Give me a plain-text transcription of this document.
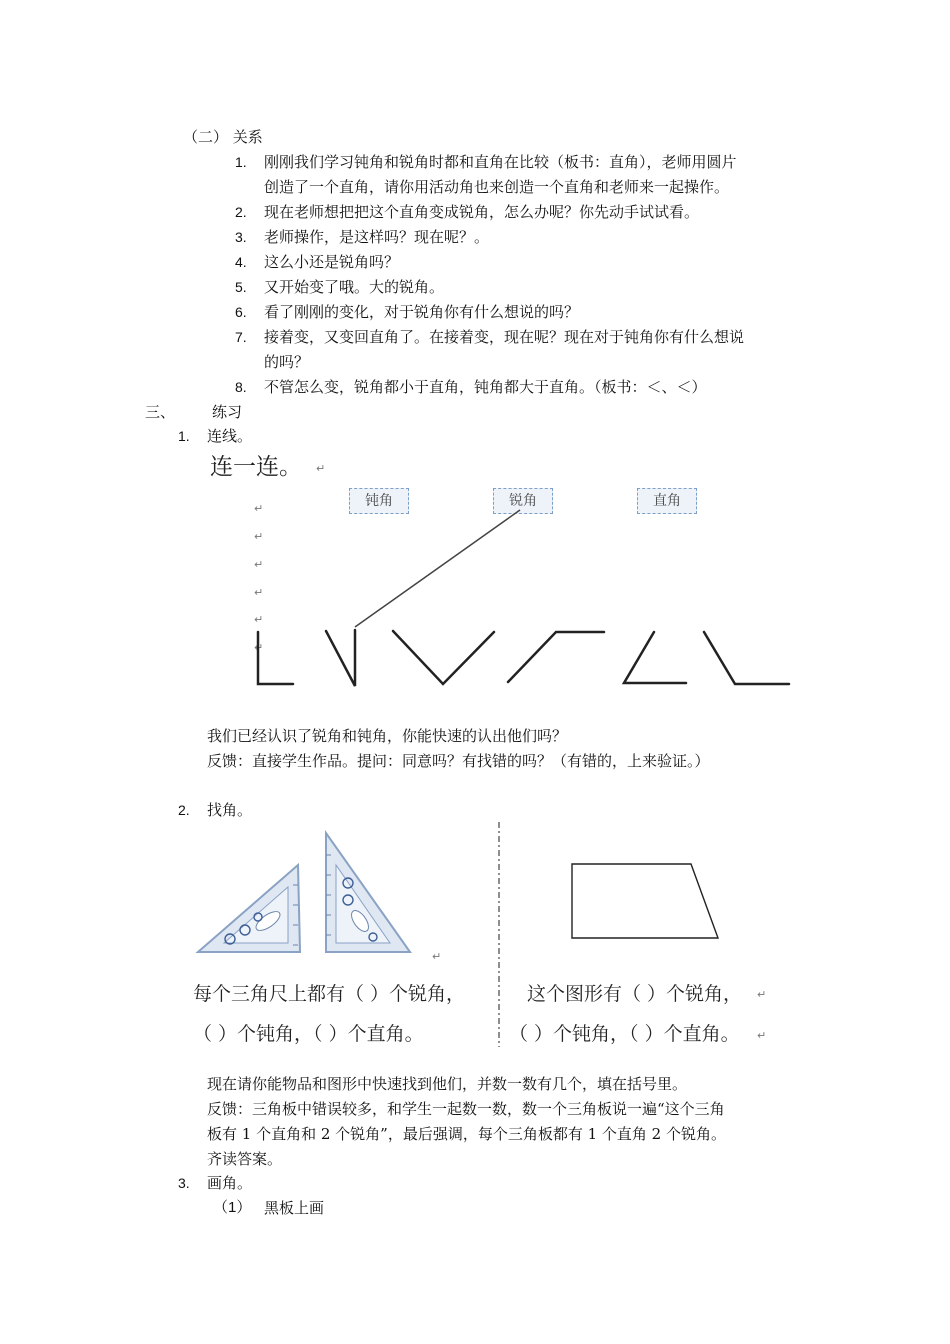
（二） 关系
1. 刚刚我们学习钝角和锐角时都和直角在比较（板书：直角），老师用圆片
创造了一个直角，请你用活动角也来创造一个直角和老师来一起操作。
2. 现在老师想把把这个直角变成锐角，怎么办呢？你先动手试试看。
3. 老师操作，是这样吗？现在呢？。
4. 这么小还是锐角吗？
5. 又开始变了哦。大的锐角。
6. 看了刚刚的变化，对于锐角你有什么想说的吗？
7. 接着变，又变回直角了。在接着变，现在呢？现在对于钝角你有什么想说
的吗？
8. 不管怎么变，锐角都小于直角，钝角都大于直角。（板书：＜、＜）
三、 练习
1. 连线。
连一连。 ↵
钝角	锐角	直角
↵
↵
↵
↵
↵
↵
我们已经认识了锐角和钝角，你能快速的认出他们吗？
反馈：直接学生作品。提问：同意吗？有找错的吗？（有错的，上来验证。）
2. 找角。
↵
每个三角尺上都有（ ）个锐角，
（ ）个钝角，（ ）个直角。
这个图形有（ ）个锐角，
（ ）个钝角，（ ）个直角。
↵
↵
现在请你能物品和图形中快速找到他们，并数一数有几个，填在括号里。
反馈：三角板中错误较多，和学生一起数一数，数一个三角板说一遍“这个三角
板有 1 个直角和 2 个锐角”，最后强调，每个三角板都有 1 个直角 2 个锐角。
齐读答案。
3. 画角。
（1） 黑板上画
